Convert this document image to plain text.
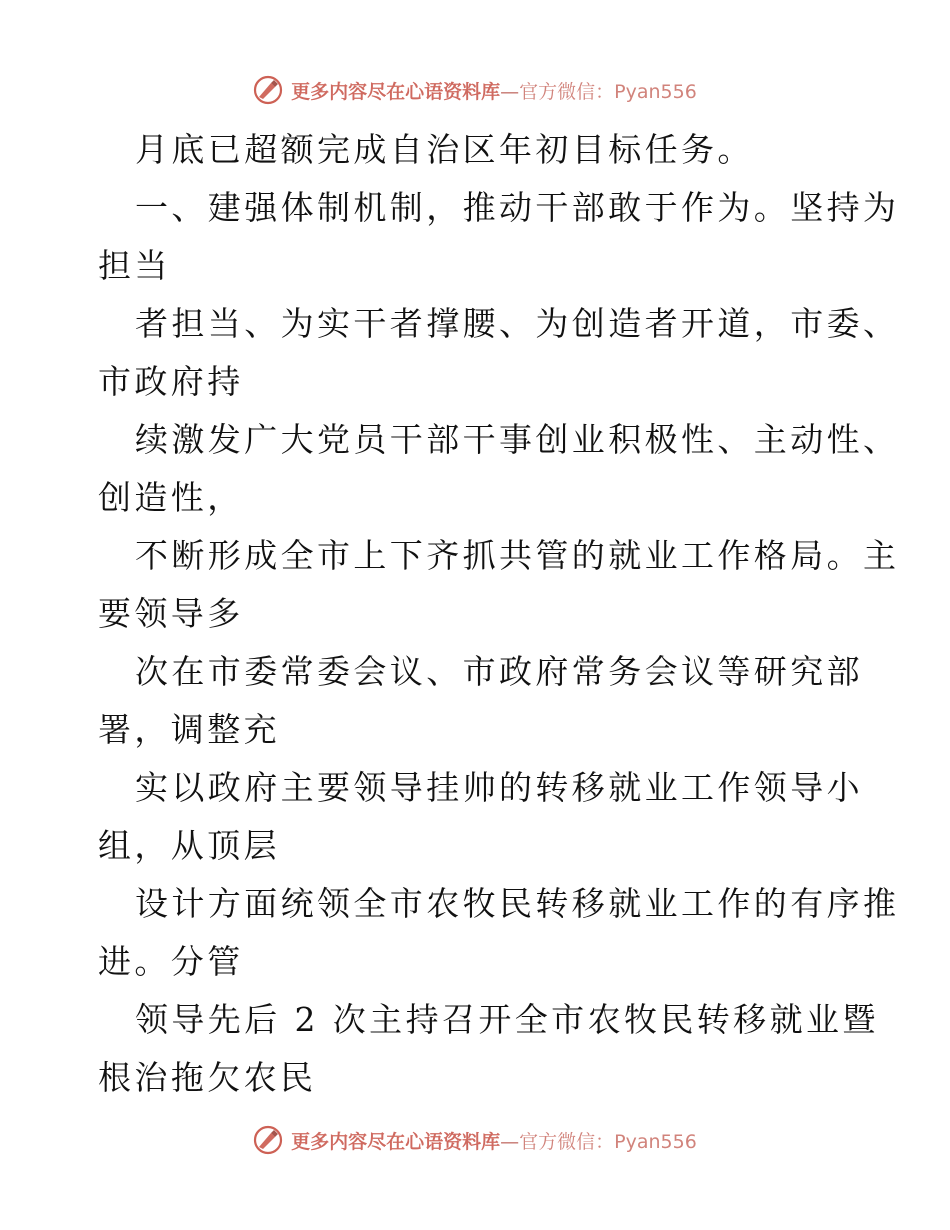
更多内容尽在心语资料库—官方微信：Pyan556
月底已超额完成自治区年初目标任务。
一、建强体制机制，推动干部敢于作为。坚持为
担当
者担当、为实干者撑腰、为创造者开道，市委、
市政府持
续激发广大党员干部干事创业积极性、主动性、
创造性，
不断形成全市上下齐抓共管的就业工作格局。主
要领导多
次在市委常委会议、市政府常务会议等研究部
署，调整充
实以政府主要领导挂帅的转移就业工作领导小
组，从顶层
设计方面统领全市农牧民转移就业工作的有序推
进。分管
领导先后 2 次主持召开全市农牧民转移就业暨
根治拖欠农民
更多内容尽在心语资料库—官方微信：Pyan556
